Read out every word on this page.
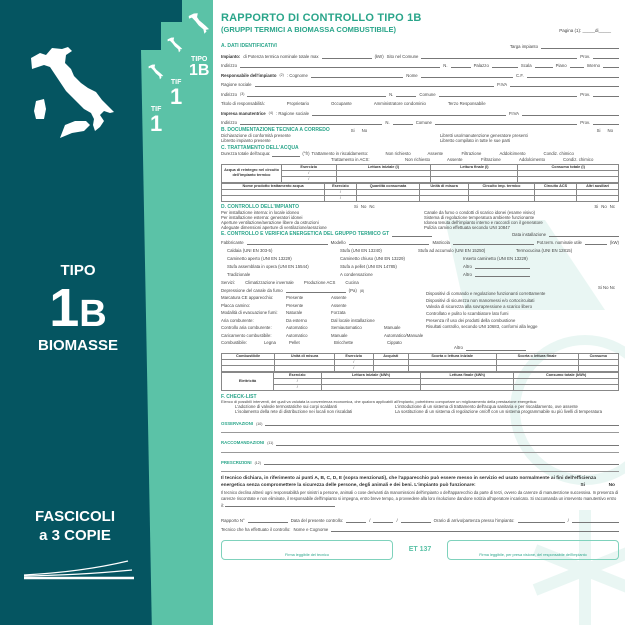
TIF
1
TIF
1
TIPO
1B
TIPO
1B
BIOMASSE
FASCICOLI
a 3 COPIE
Pagina (1): _____di_____
RAPPORTO DI CONTROLLO TIPO 1B
(GRUPPI TERMICI A BIOMASSA COMBUSTIBILE)
A. DATI IDENTIFICATIVI	Targa impianto
Impianto: di Potenza termica nominale totale max	(kW) Sito nel Comune	Prov.
Indirizzo	N.	Palazzo	Scala	Piano	Interno
Responsabile dell'impianto (2) : Cognome	Nome	C.F.
Ragione sociale	P.IVA
Indirizzo (3)	N.	Comune	Prov.
Titolo di responsabilità:	Proprietario	Occupante	Amministratore condominio	Terzo Responsabile
Impresa manutentrice (4) : Ragione sociale	P.IVA
Indirizzo	N.	Comune	Prov.
B. DOCUMENTAZIONE TECNICA A CORREDO	Si No	Si No
Dichiarazione di conformità presente
Libretto impianto presente
Libretti uso/manutenzione generatore presenti
Libretto compilato in tutte le sue parti
C. TRATTAMENTO DELL'ACQUA
Durezza totale dell'acqua:	(°fr) Trattamento in riscaldamento:	Non richiesto	Assente	Filtrazione	Addolcimento	Condiz. chimico
Trattamento in ACS:	Non richiesto	Assente	Filtrazione	Addolcimento	Condiz. chimico
Acqua di reintegro nel circuito dell'impianto termico	Esercizio	Lettura iniziale (l)	Lettura finale (l)	Consumo totale (l)
	/			
	/			
Nome prodotto trattamento acqua	Esercizio	Quantità consumata	Unità di misura	Circuito imp. termico	Circuito ACS	Altri ausiliari
	/					
	/					
D. CONTROLLO DELL'IMPIANTO	Si No Nc	Si No Nc
Per installazione interna: in locale idoneo
Per installazione esterna: generatori idonei
Aperture ventilazione/aerazione libere da ostruzioni
Adeguate dimensioni aperture di ventilazione/aerazione
Canale da fumo o condotti di scarico idonei (esame visivo)
Sistema di regolazione temperatura ambiente funzionante
Idonea tenuta dell'impianto interno e raccordi con il generatore
Pulizia camino effettuata secondo UNI 10847
E. CONTROLLO E VERIFICA ENERGETICA DEL GRUPPO TERMICO GT	Data installazione
Fabbricante	Modello	Matricola	Pot.term. nominale utile	(kW)
Caldaia (UNI EN 303-5)	Stufa (UNI EN 13240)	Stufa ad accumulo (UNI EN 15250)	Termocucina (UNI EN 12815)
Caminetto aperto (UNI EN 13229)	Caminetto chiuso (UNI EN 13229)	Inserto caminetto (UNI EN 13229)
Stufa assemblata in opera (UNI EN 15544)	Stufa a pellet (UNI EN 14785)	Altro
Tradizionale	A condensazione	Altro
Servizi: Climatizzazione invernale Produzione ACS Cucina
Depressione del canale da fumo	(Pa) (8)
Marcatura CE apparecchio:	Presente	Assente
Placca camino:	Presente	Assente
Modalità di evacuazione fumi:	Naturale	Forzata
Aria comburente:	Da esterno	Dal locale installazione
Controllo aria comburente:	Automatico	Semiautomatico	Manuale
Caricamento combustibile:	Automatico	Manuale	Automatico/Manuale
Combustibile:	Legna	Pellet	Bricchette	Cippato
Si No Nc
Dispositivi di comando e regolazione funzionanti correttamente
Dispositivi di sicurezza non manomessi e/o cortocircuitati
Valvola di sicurezza alla sovrapressione a scarico libero
Controllato e pulito lo scambiatore lato fumi
Presenza rif uso dei prodotti della combustione
Risultati controllo, secondo UNI 10683, conformi alla legge
Altro
Combustibile	Unità di misura	Esercizio	Acquisti	Scorta o lettura iniziale	Scorta o lettura finale	Consumo
		/				
		/				
Elettricità	Esercizio	Lettura iniziale (kWh)	Lettura finale (kWh)	Consumo totale (kWh)
	/			
	/			
F. CHECK-LIST
Elenco di possibili interventi, dei quali va valutata la convenienza economica, che qualora applicabili all'impianto, potrebbero comportare un miglioramento della prestazione energetica:
L'adozione di valvole termostatiche sui corpi scaldanti	L'introduzione di un sistema di trattamento dell'acqua sanitaria e per riscaldamento, ove assente
L'isolamento della rete di distribuzione nei locali non riscaldati	La sostituzione di un sistema di regolazione on/off con un sistema programmabile su più livelli di temperatura
OSSERVAZIONI (10)
RACCOMANDAZIONI (11)
PRESCRIZIONI (12)
Il tecnico dichiara, in riferimento ai punti A, B, C, D, E (sopra menzionati), che l'apparecchio può essere messo in servizio ed usato normalmente ai fini dell'efficienza energetica senza compromettere la sicurezza delle persone, degli animali e dei beni. L'impianto può funzionare:	Si	No
Il tecnico declina altresì ogni responsabilità per sinistri a persone, animali o cose derivanti da manomissioni dell'impianto o dell'apparecchio da parte di terzi, ovvero da carenze di manutenzione successiva. In presenza di carenze riscontrate e non eliminate, il responsabile dell'impianto si impegna, entro breve tempo, a provvedere alla loro risoluzione dandone notizia all'operatore incaricato. Si raccomanda un intervento manutentivo entro il:
Rapporto N°	Data del presente controllo:	/	/	Orario di arrivo/partenza presso l'impianto:	/
Tecnico che ha effettuato il controllo: Nome e Cognome
Firma leggibile del tecnico
ET 137
Firma leggibile, per presa visione, del responsabile dell'impianto
